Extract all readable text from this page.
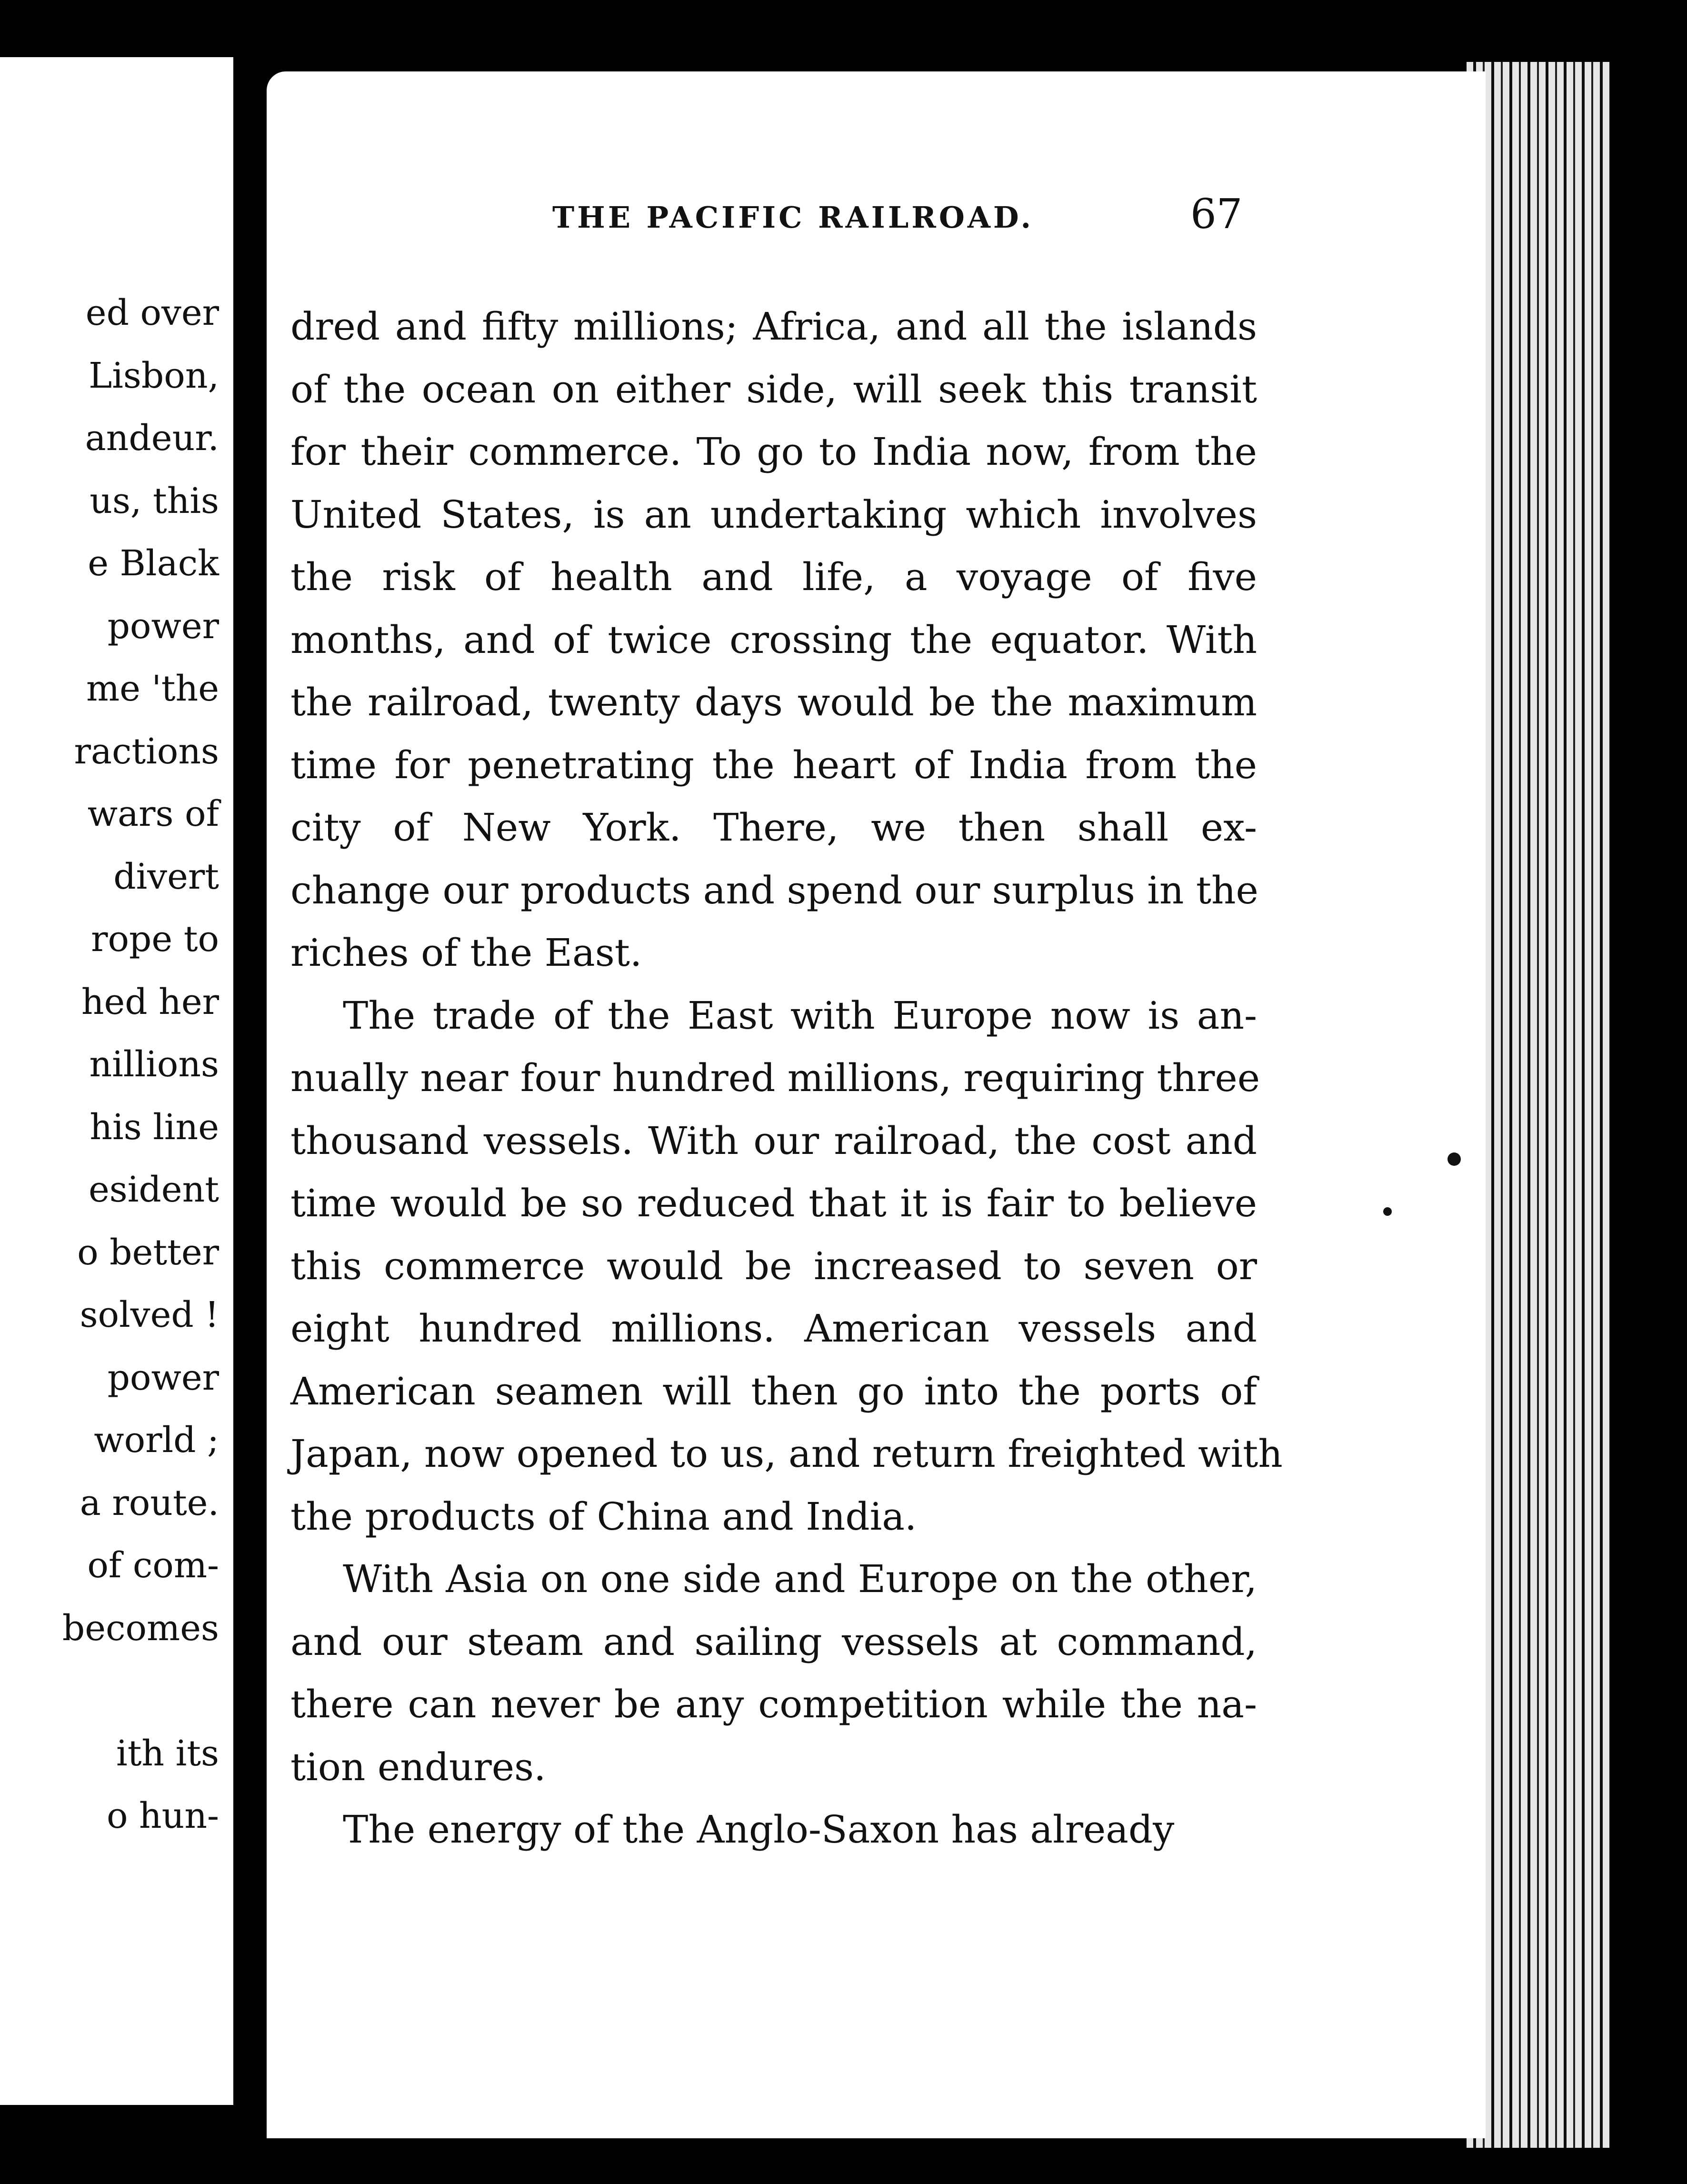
ed over
Lisbon,
andeur.
us, this
e Black
power
me 'the
ractions
wars of
divert
rope to
hed her
nillions
his line
esident
o better
solved !
power
world ;
a route.
of com-
becomes
ith its
o hun-
THE PACIFIC RAILROAD.	67
dred and fifty millions; Africa, and all the islands
of the ocean on either side, will seek this transit
for their commerce. To go to India now, from the
United States, is an undertaking which involves
the risk of health and life, a voyage of five
months, and of twice crossing the equator. With
the railroad, twenty days would be the maximum
time for penetrating the heart of India from the
city of New York. There, we then shall ex-
change our products and spend our surplus in the
riches of the East.
The trade of the East with Europe now is an-
nually near four hundred millions, requiring three
thousand vessels. With our railroad, the cost and
time would be so reduced that it is fair to believe
this commerce would be increased to seven or
eight hundred millions. American vessels and
American seamen will then go into the ports of
Japan, now opened to us, and return freighted with
the products of China and India.
With Asia on one side and Europe on the other,
and our steam and sailing vessels at command,
there can never be any competition while the na-
tion endures.
The energy of the Anglo-Saxon has already
